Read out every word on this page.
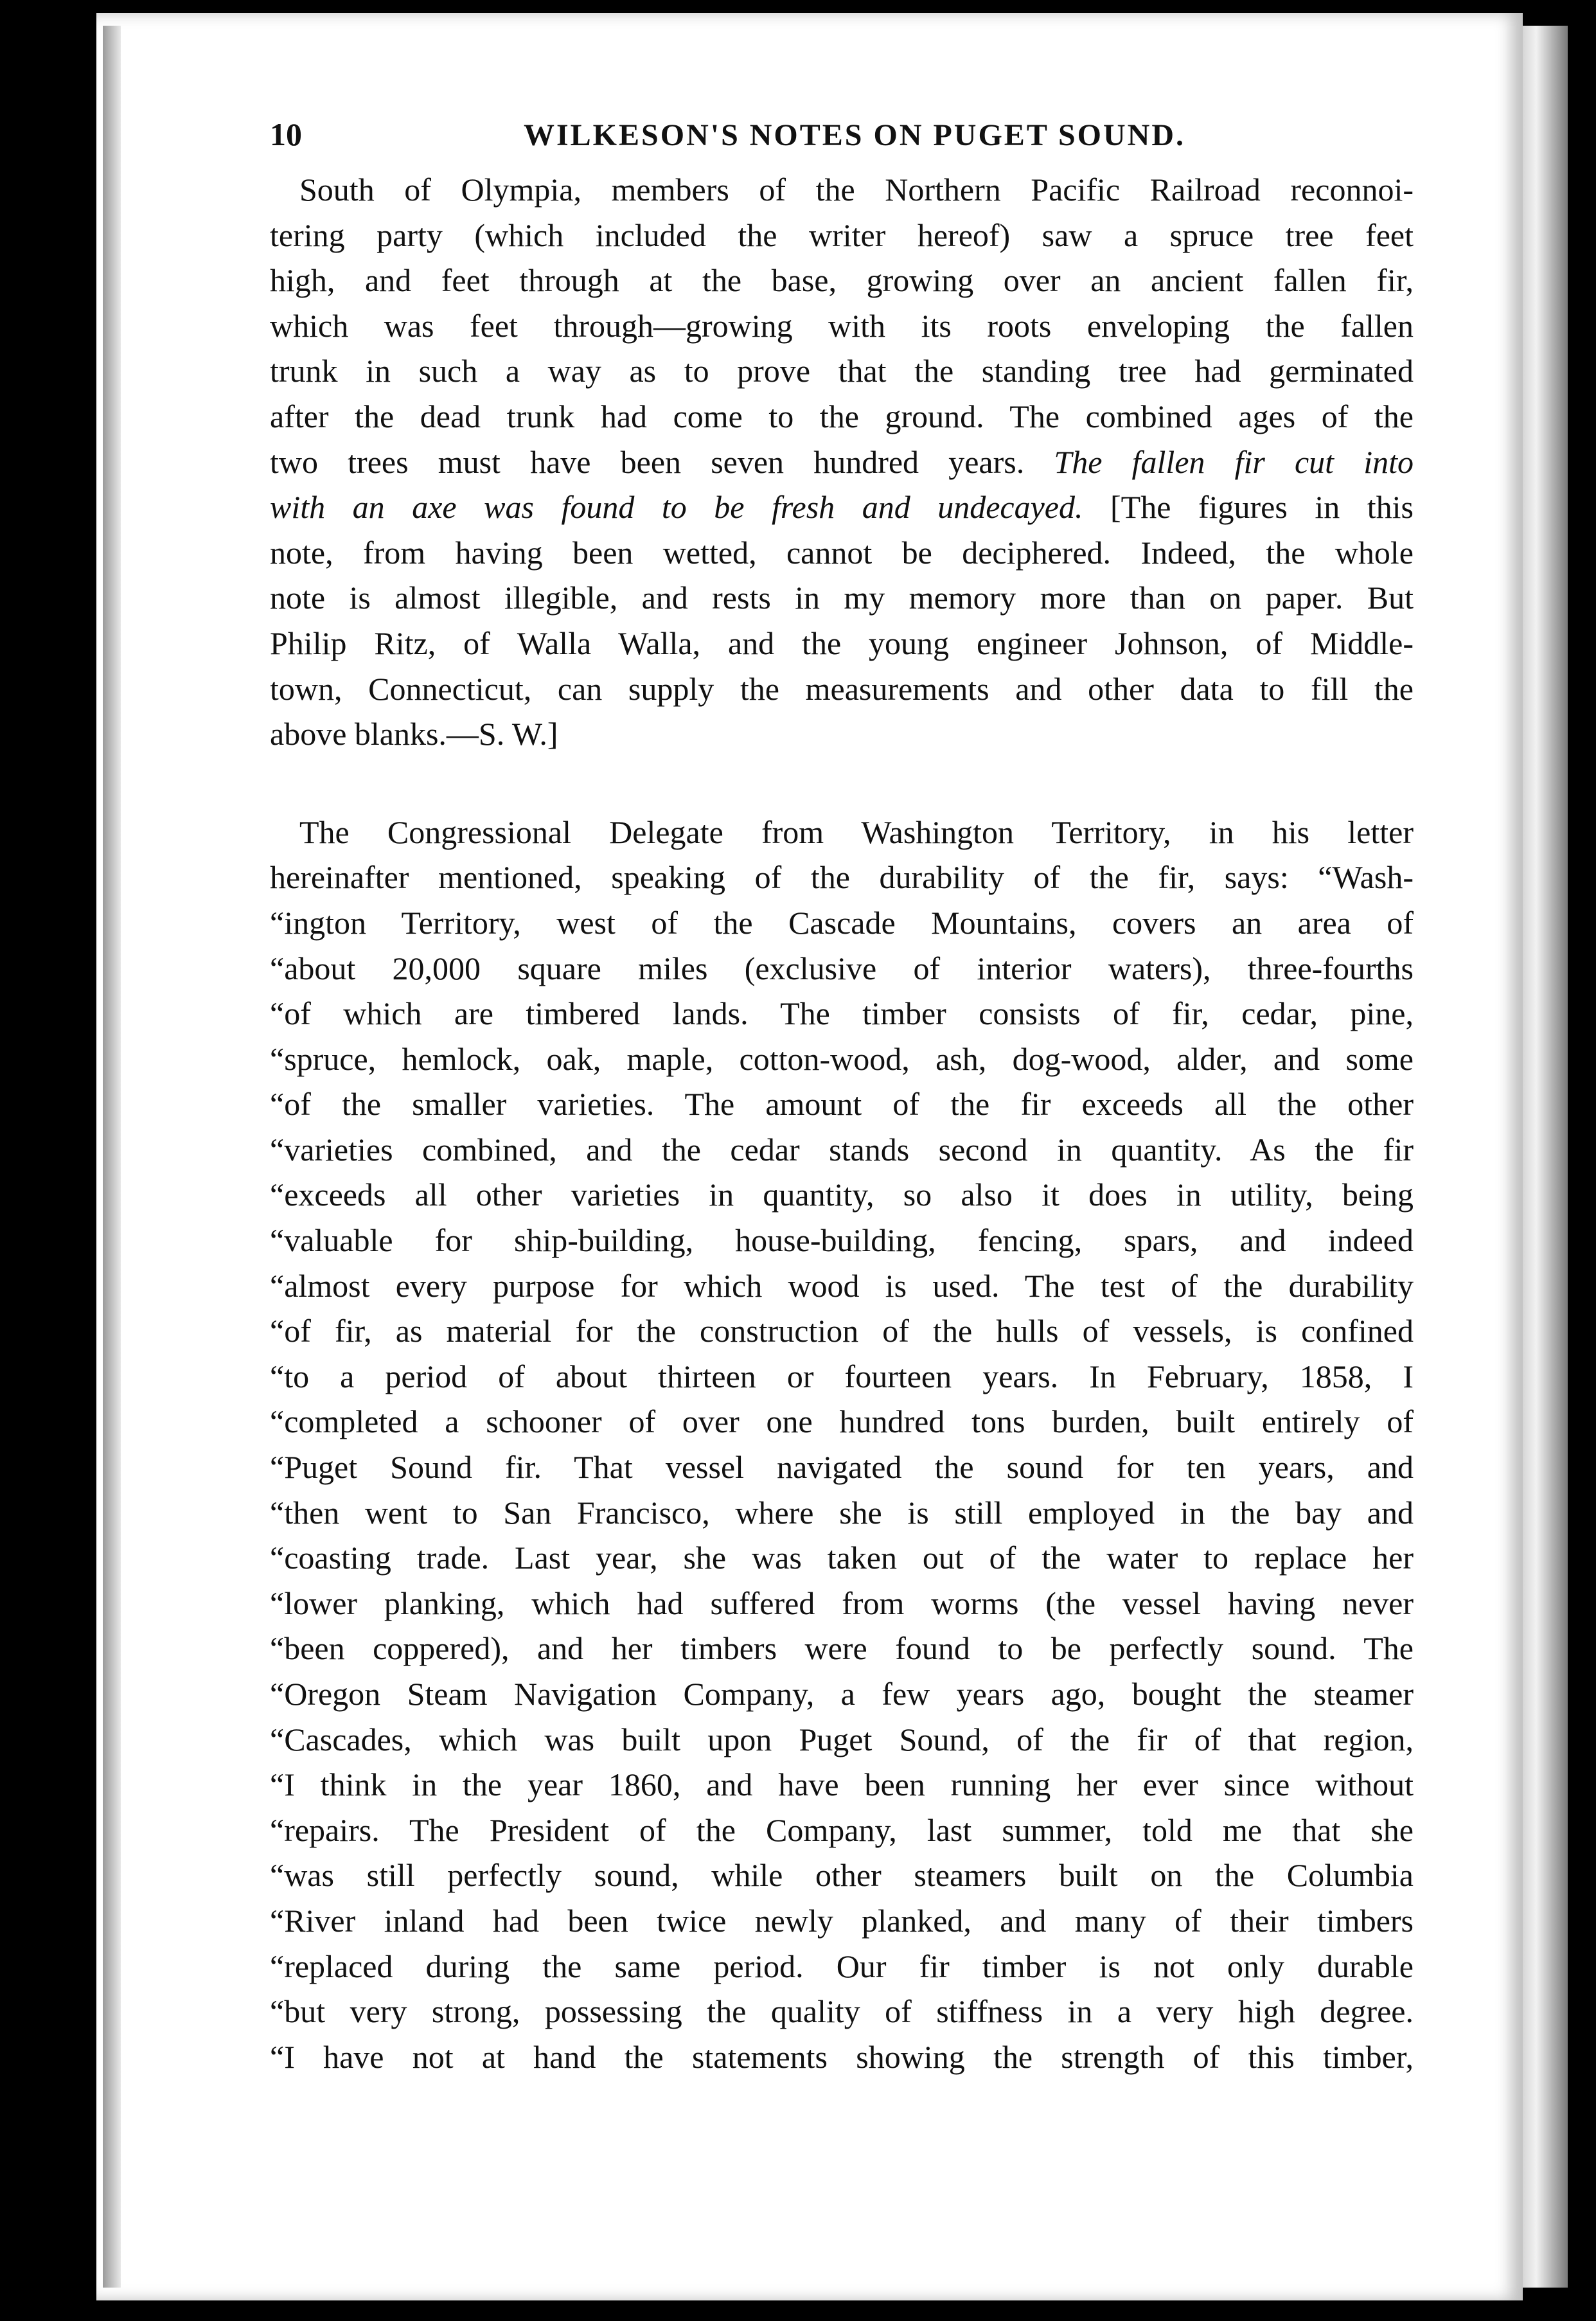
10	WILKESON'S NOTES ON PUGET SOUND.
South of Olympia, members of the Northern Pacific Railroad reconnoi-
tering party (which included the writer hereof) saw a spruce tree feet
high, and feet through at the base, growing over an ancient fallen fir,
which was feet through—growing with its roots enveloping the fallen
trunk in such a way as to prove that the standing tree had germinated
after the dead trunk had come to the ground. The combined ages of the
two trees must have been seven hundred years. The fallen fir cut into
with an axe was found to be fresh and undecayed. [The figures in this
note, from having been wetted, cannot be deciphered. Indeed, the whole
note is almost illegible, and rests in my memory more than on paper. But
Philip Ritz, of Walla Walla, and the young engineer Johnson, of Middle-
town, Connecticut, can supply the measurements and other data to fill the
above blanks.—S. W.]
The Congressional Delegate from Washington Territory, in his letter
hereinafter mentioned, speaking of the durability of the fir, says: “Wash-
“ington Territory, west of the Cascade Mountains, covers an area of
“about 20,000 square miles (exclusive of interior waters), three-fourths
“of which are timbered lands. The timber consists of fir, cedar, pine,
“spruce, hemlock, oak, maple, cotton-wood, ash, dog-wood, alder, and some
“of the smaller varieties. The amount of the fir exceeds all the other
“varieties combined, and the cedar stands second in quantity. As the fir
“exceeds all other varieties in quantity, so also it does in utility, being
“valuable for ship-building, house-building, fencing, spars, and indeed
“almost every purpose for which wood is used. The test of the durability
“of fir, as material for the construction of the hulls of vessels, is confined
“to a period of about thirteen or fourteen years. In February, 1858, I
“completed a schooner of over one hundred tons burden, built entirely of
“Puget Sound fir. That vessel navigated the sound for ten years, and
“then went to San Francisco, where she is still employed in the bay and
“coasting trade. Last year, she was taken out of the water to replace her
“lower planking, which had suffered from worms (the vessel having never
“been coppered), and her timbers were found to be perfectly sound. The
“Oregon Steam Navigation Company, a few years ago, bought the steamer
“Cascades, which was built upon Puget Sound, of the fir of that region,
“I think in the year 1860, and have been running her ever since without
“repairs. The President of the Company, last summer, told me that she
“was still perfectly sound, while other steamers built on the Columbia
“River inland had been twice newly planked, and many of their timbers
“replaced during the same period. Our fir timber is not only durable
“but very strong, possessing the quality of stiffness in a very high degree.
“I have not at hand the statements showing the strength of this timber,
